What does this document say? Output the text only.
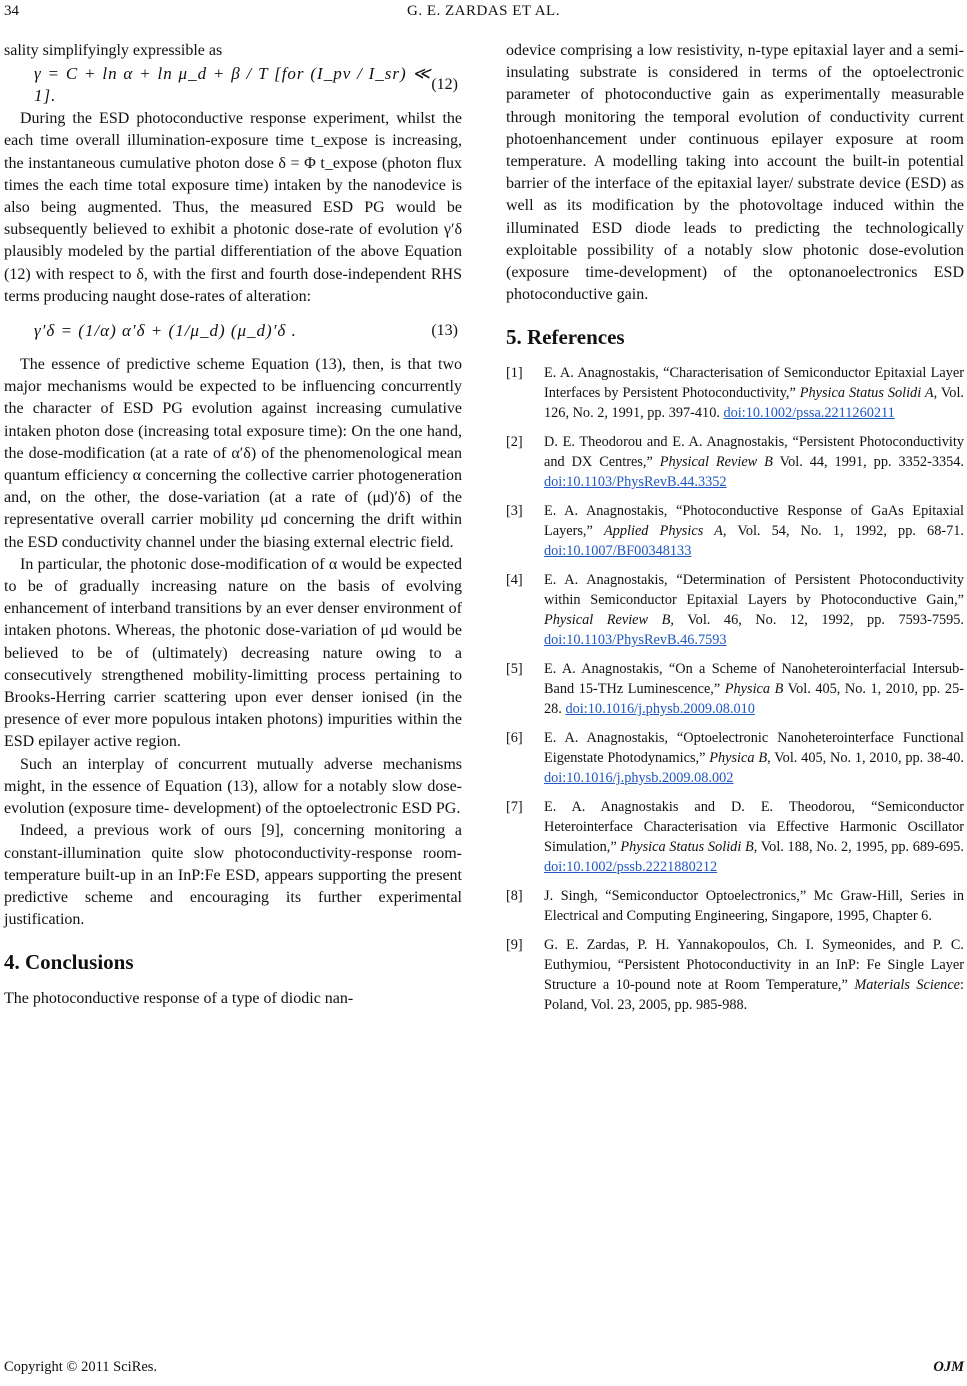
34	G. E. ZARDAS ET AL.

sality simplifyingly expressible as

γ = C + ln α + ln μ_d + β / T [for (I_pv / I_sr) ≪ 1].
(12)

During the ESD photoconductive response experiment, whilst the each time overall illumination-exposure time t_expose is increasing, the instantaneous cumulative photon dose δ = Φ t_expose (photon flux times the each time total exposure time) intaken by the nanodevice is also being augmented. Thus, the measured ESD PG would be subsequently believed to exhibit a photonic dose-rate of evolution γ′δ plausibly modeled by the partial differentiation of the above Equation (12) with respect to δ, with the first and fourth dose-independent RHS terms producing naught dose-rates of alteration:

γ′δ = (1/α) α′δ + (1/μ_d) (μ_d)′δ .	(13)

The essence of predictive scheme Equation (13), then, is that two major mechanisms would be expected to be influencing concurrently the character of ESD PG evolution against increasing cumulative intaken photon dose (increasing total exposure time): On the one hand, the dose-modification (at a rate of α′δ) of the phenomenological mean quantum efficiency α concerning the collective carrier photogeneration and, on the other, the dose-variation (at a rate of (μd)′δ) of the representative overall carrier mobility μd concerning the drift within the ESD conductivity channel under the biasing external electric field.

In particular, the photonic dose-modification of α would be expected to be of gradually increasing nature on the basis of evolving enhancement of interband transitions by an ever denser environment of intaken photons. Whereas, the photonic dose-variation of μd would be believed to be of (ultimately) decreasing nature owing to a consecutively strengthened mobility-limitting process pertaining to Brooks-Herring carrier scattering upon ever denser ionised (in the presence of ever more populous intaken photons) impurities within the ESD epilayer active region.

Such an interplay of concurrent mutually adverse mechanisms might, in the essence of Equation (13), allow for a notably slow dose-evolution (exposure time- development) of the optoelectronic ESD PG.

Indeed, a previous work of ours [9], concerning monitoring a constant-illumination quite slow photoconductivity-response room-temperature built-up in an InP:Fe ESD, appears supporting the present predictive scheme and encouraging its further experimental justification.

4. Conclusions

The photoconductive response of a type of diodic nan-

odevice comprising a low resistivity, n-type epitaxial layer and a semi-insulating substrate is considered in terms of the optoelectronic parameter of photoconductive gain as experimentally measurable through monitoring the temporal evolution of conductivity current photoenhancement under continuous epilayer exposure at room temperature. A modelling taking into account the built-in potential barrier of the interface of the epitaxial layer/ substrate device (ESD) as well as its modification by the photovoltage induced within the illuminated ESD diode leads to predicting the technologically exploitable possibility of a notably slow photonic dose-evolution (exposure time-development) of the optonanoelectronics ESD photoconductive gain.

5. References
[1]	E. A. Anagnostakis, “Characterisation of Semiconductor Epitaxial Layer Interfaces by Persistent Photoconductivity,” Physica Status Solidi A, Vol. 126, No. 2, 1991, pp. 397-410. doi:10.1002/pssa.2211260211
[2]	D. E. Theodorou and E. A. Anagnostakis, “Persistent Photoconductivity and DX Centres,” Physical Review B Vol. 44, 1991, pp. 3352-3354. doi:10.1103/PhysRevB.44.3352
[3]	E. A. Anagnostakis, “Photoconductive Response of GaAs Epitaxial Layers,” Applied Physics A, Vol. 54, No. 1, 1992, pp. 68-71. doi:10.1007/BF00348133
[4]	E. A. Anagnostakis, “Determination of Persistent Photoconductivity within Semiconductor Epitaxial Layers by Photoconductive Gain,” Physical Review B, Vol. 46, No. 12, 1992, pp. 7593-7595. doi:10.1103/PhysRevB.46.7593
[5]	E. A. Anagnostakis, “On a Scheme of Nanoheterointerfacial Intersub-Band 15-THz Luminescence,” Physica B Vol. 405, No. 1, 2010, pp. 25-28. doi:10.1016/j.physb.2009.08.010
[6]	E. A. Anagnostakis, “Optoelectronic Nanoheterointerface Functional Eigenstate Photodynamics,” Physica B, Vol. 405, No. 1, 2010, pp. 38-40. doi:10.1016/j.physb.2009.08.002
[7]	E. A. Anagnostakis and D. E. Theodorou, “Semiconductor Heterointerface Characterisation via Effective Harmonic Oscillator Simulation,” Physica Status Solidi B, Vol. 188, No. 2, 1995, pp. 689-695. doi:10.1002/pssb.2221880212
[8]	J. Singh, “Semiconductor Optoelectronics,” Mc Graw-Hill, Series in Electrical and Computing Engineering, Singapore, 1995, Chapter 6.
[9]	G. E. Zardas, P. H. Yannakopoulos, Ch. I. Symeonides, and P. C. Euthymiou, “Persistent Photoconductivity in an InP: Fe Single Layer Structure a 10-pound note at Room Temperature,” Materials Science: Poland, Vol. 23, 2005, pp. 985-988.
Copyright © 2011 SciRes.	OJM
